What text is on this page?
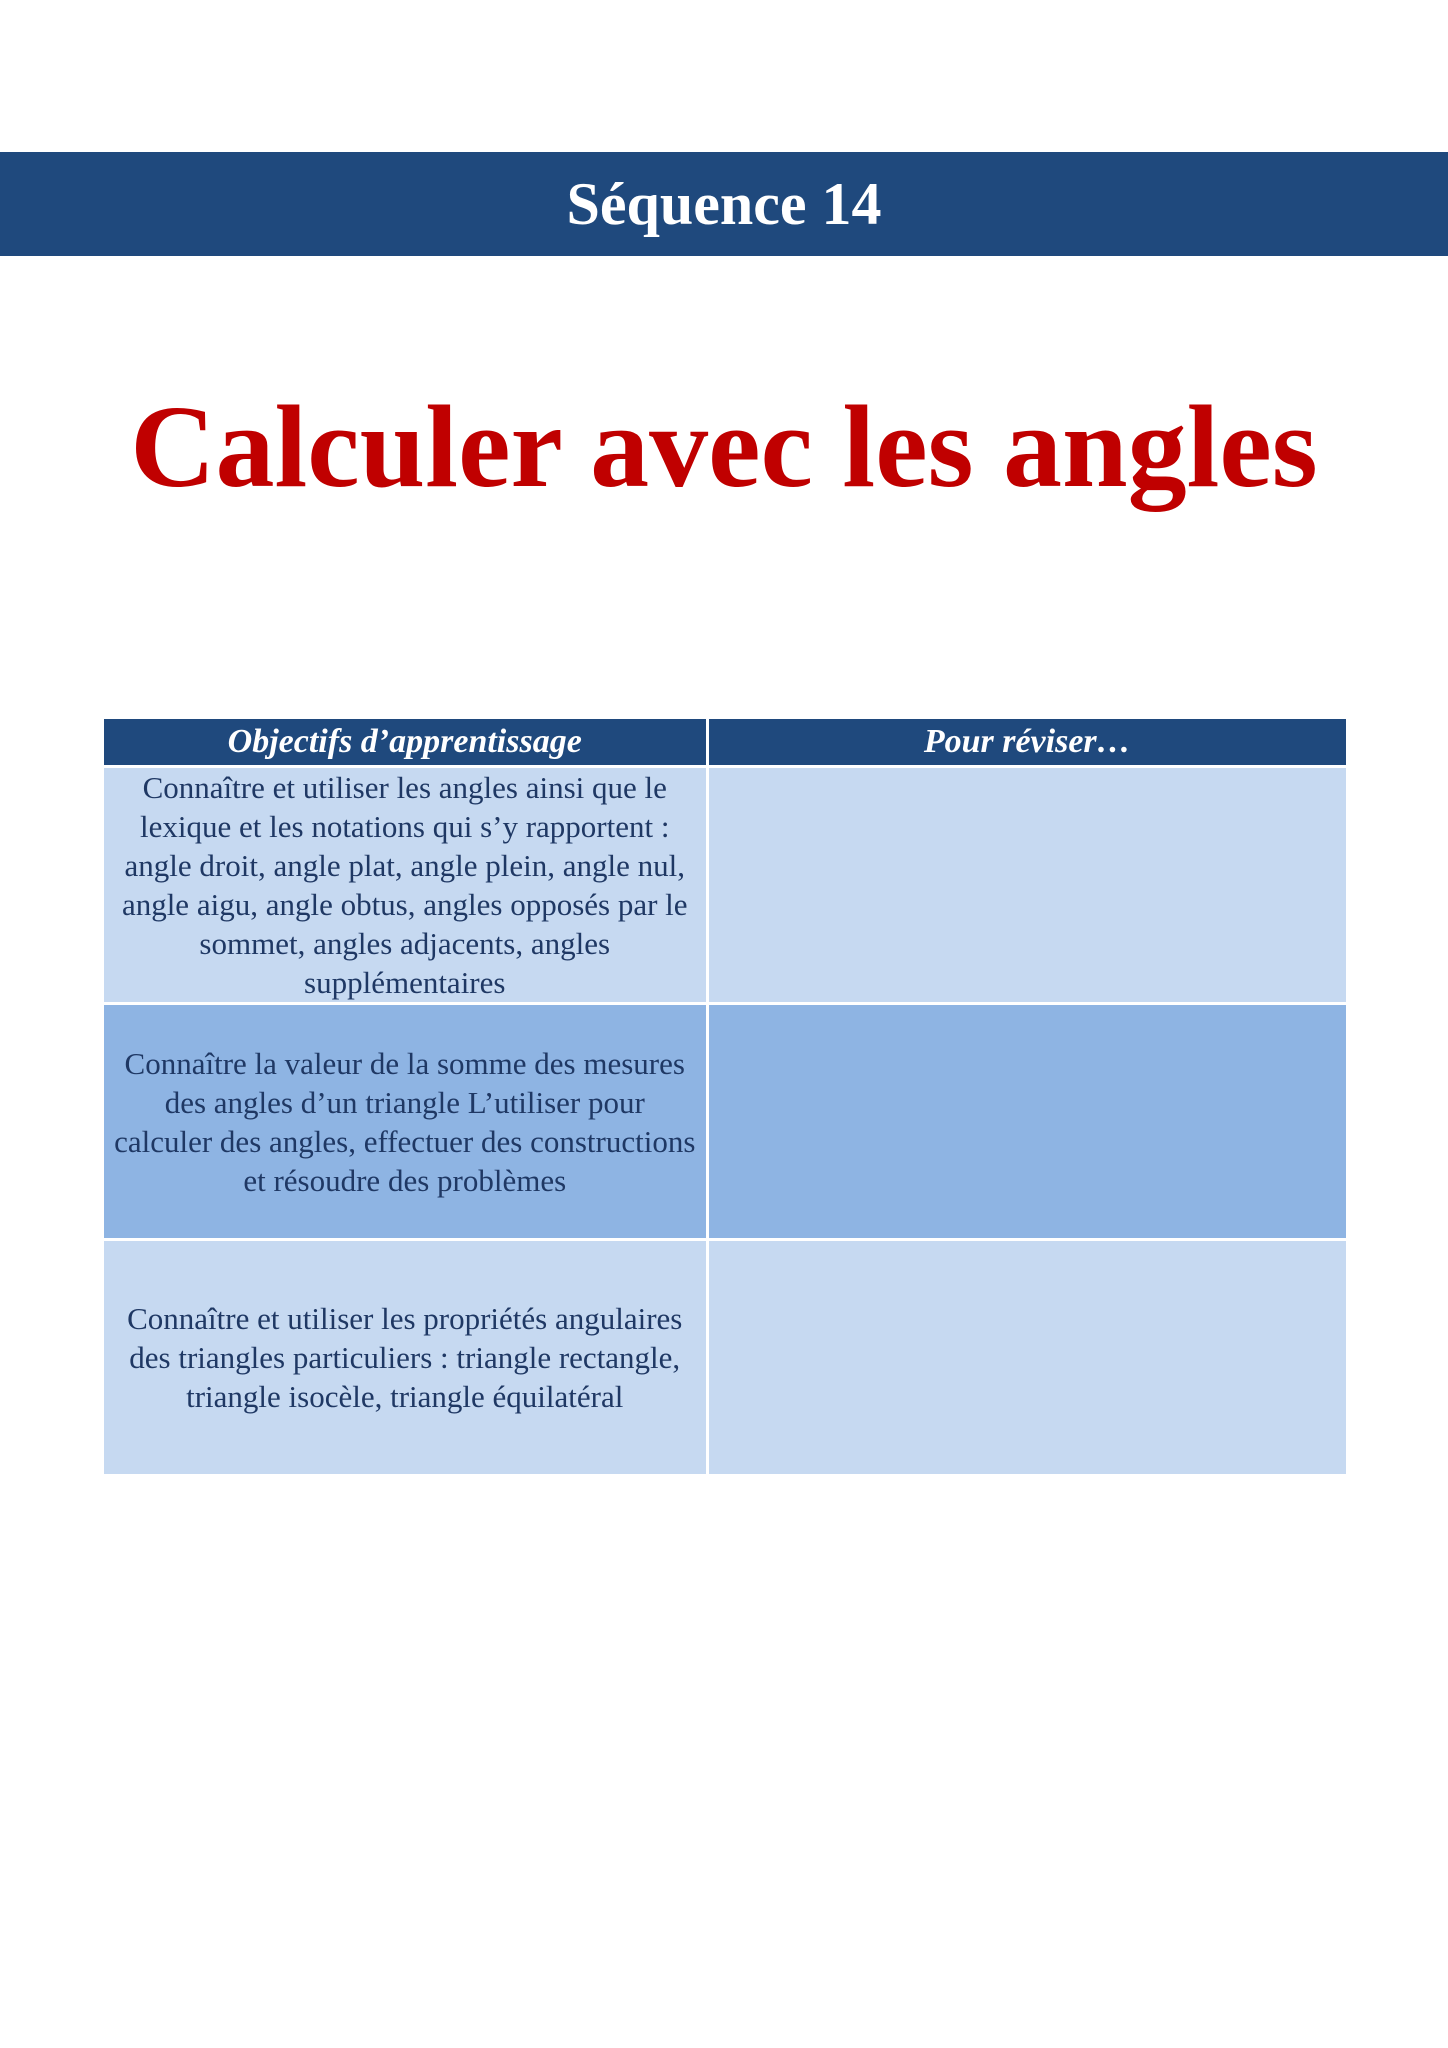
Séquence 14
Calculer avec les angles
Objectifs d’apprentissage	Pour réviser…
Connaître et utiliser les angles ainsi que le lexique et les notations qui s’y rapportent : angle droit, angle plat, angle plein, angle nul, angle aigu, angle obtus, angles opposés par le sommet, angles adjacents, angles supplémentaires	
Connaître la valeur de la somme des mesures des angles d’un triangle L’utiliser pour calculer des angles, effectuer des constructions et résoudre des problèmes	
Connaître et utiliser les propriétés angulaires des triangles particuliers : triangle rectangle, triangle isocèle, triangle équilatéral	
